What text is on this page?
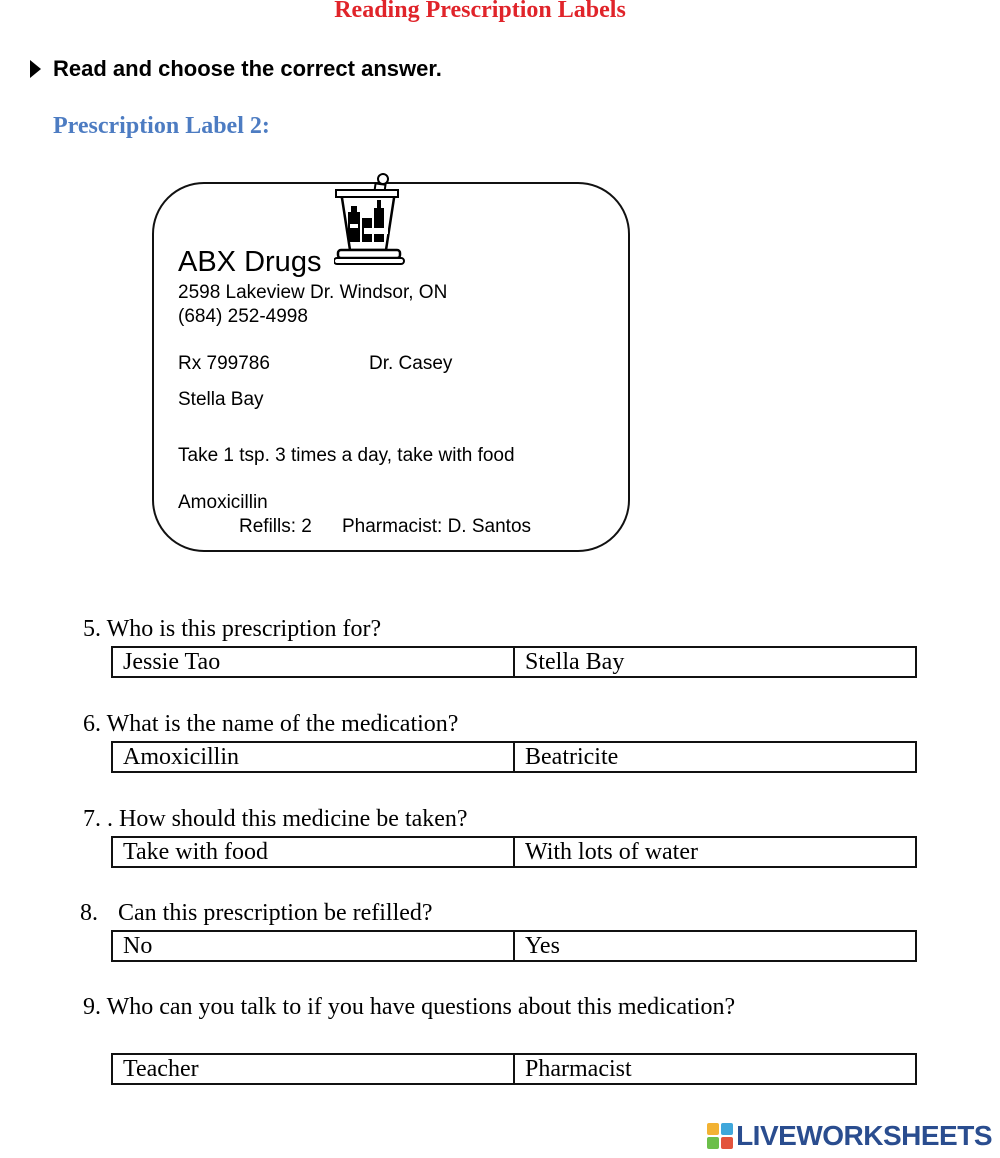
Reading Prescription Labels
Read and choose the correct answer.
Prescription Label 2:
ABX Drugs
2598 Lakeview Dr. Windsor, ON
(684) 252-4998
Rx 799786	Dr. Casey
Stella Bay
Take 1 tsp. 3 times a day, take with food
Amoxicillin
Refills: 2 Pharmacist: D. Santos
5. Who is this prescription for?
Jessie Tao	Stella Bay
6. What is the name of the medication?
Amoxicillin	Beatricite
7. . How should this medicine be taken?
Take with food	With lots of water
8. Can this prescription be refilled?
No	Yes
9. Who can you talk to if you have questions about this medication?
Teacher	Pharmacist
LIVEWORKSHEETS
